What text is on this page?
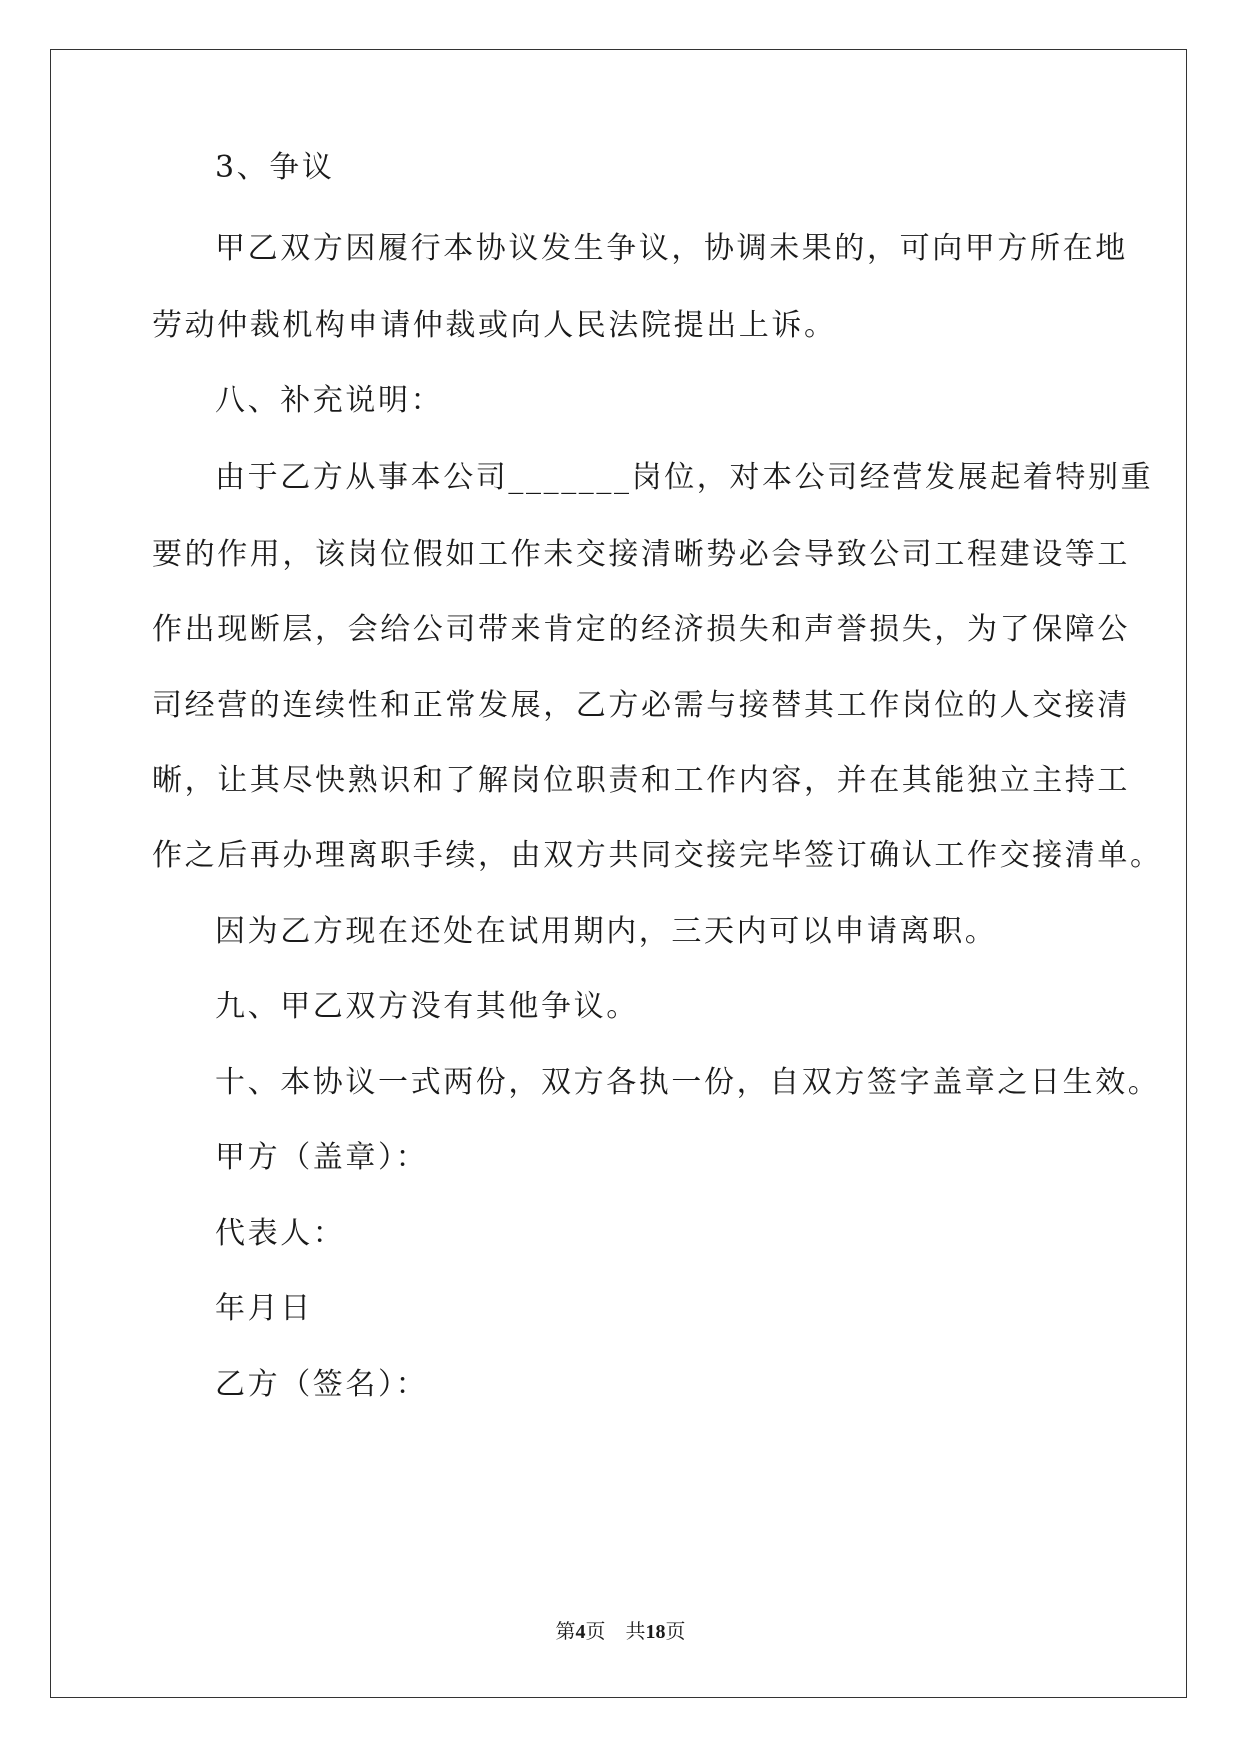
3、争议
甲乙双方因履行本协议发生争议，协调未果的，可向甲方所在地
劳动仲裁机构申请仲裁或向人民法院提出上诉。
八、补充说明：
由于乙方从事本公司_______岗位，对本公司经营发展起着特别重
要的作用，该岗位假如工作未交接清晰势必会导致公司工程建设等工
作出现断层，会给公司带来肯定的经济损失和声誉损失，为了保障公
司经营的连续性和正常发展，乙方必需与接替其工作岗位的人交接清
晰，让其尽快熟识和了解岗位职责和工作内容，并在其能独立主持工
作之后再办理离职手续，由双方共同交接完毕签订确认工作交接清单。
因为乙方现在还处在试用期内，三天内可以申请离职。
九、甲乙双方没有其他争议。
十、本协议一式两份，双方各执一份，自双方签字盖章之日生效。
甲方（盖章）：
代表人：
年月日
乙方（签名）：
第4页 共18页
